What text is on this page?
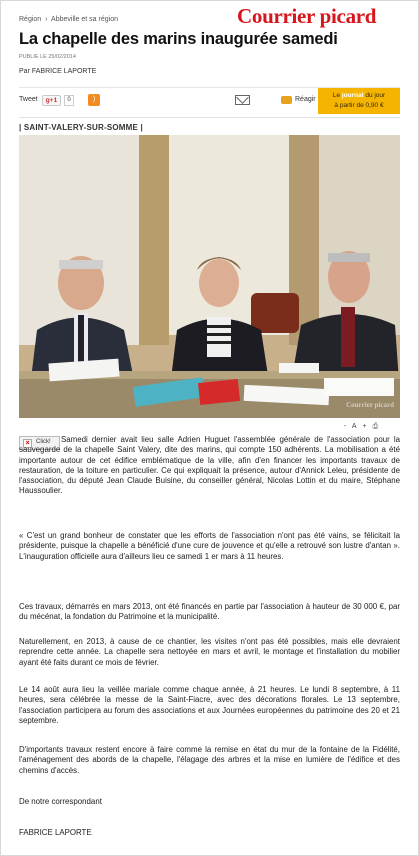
Région › Abbeville et sa région	Courrier picard
La chapelle des marins inaugurée samedi
PUBLIE LE 25/02/2014
Par FABRICE LAPORTE
Tweet	g+1	0	)	Réagir
Le journal du jour
à partir de 0,90 €
| SAINT-VALERY-SUR-SOMME |
Courrier picard
- A + ⎙
×	Click!	Samedi dernier avait lieu salle Adrien Huguet l'assemblée générale de l'association pour la sauvegarde de la chapelle Saint Valery, dite des marins, qui compte 150 adhérents. La mobilisation a été importante autour de cet édifice emblématique de la ville, afin d'en financer les importants travaux de restauration, de la toiture en particulier. Ce qui expliquait la présence, autour d'Annick Leleu, présidente de l'association, du député Jean Claude Buisine, du conseiller général, Nicolas Lottin et du maire, Stéphane Haussoulier.

« C'est un grand bonheur de constater que les efforts de l'association n'ont pas été vains, se félicitait la présidente, puisque la chapelle a bénéficié d'une cure de jouvence et qu'elle a retrouvé son lustre d'antan ». L'inauguration officielle aura d'ailleurs lieu ce samedi 1 er mars à 11 heures.

Ces travaux, démarrés en mars 2013, ont été financés en partie par l'association à hauteur de 30 000 €, par du mécénat, la fondation du Patrimoine et la municipalité.

Naturellement, en 2013, à cause de ce chantier, les visites n'ont pas été possibles, mais elle devraient reprendre cette année. La chapelle sera nettoyée en mars et avril, le montage et l'installation du mobilier ayant été faits durant ce mois de février.

Le 14 août aura lieu la veillée mariale comme chaque année, à 21 heures. Le lundi 8 septembre, à 11 heures, sera célébrée la messe de la Saint-Fiacre, avec des décorations florales. Le 13 septembre, l'association participera au forum des associations et aux Journées européennes du patrimoine des 20 et 21 septembre.

D'importants travaux restent encore à faire comme la remise en état du mur de la fontaine de la Fidélité, l'aménagement des abords de la chapelle, l'élagage des arbres et la mise en lumière de l'édifice et des chemins d'accès.

De notre correspondant

FABRICE LAPORTE
